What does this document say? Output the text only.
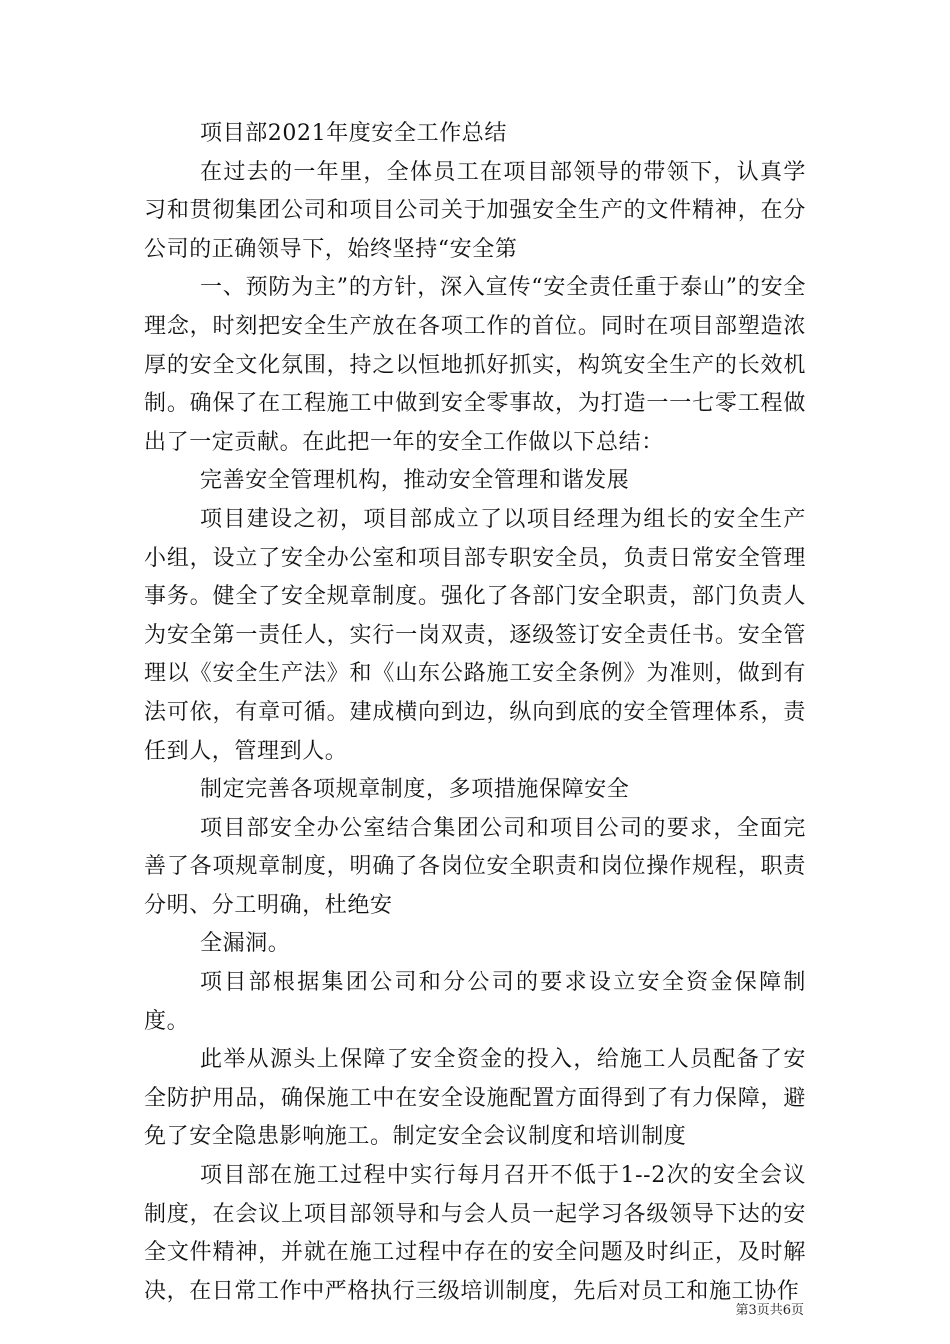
项目部2021年度安全工作总结

在过去的一年里，全体员工在项目部领导的带领下，认真学习和贯彻集团公司和项目公司关于加强安全生产的文件精神，在分公司的正确领导下，始终坚持“安全第

一、预防为主”的方针，深入宣传“安全责任重于泰山”的安全理念，时刻把安全生产放在各项工作的首位。同时在项目部塑造浓厚的安全文化氛围，持之以恒地抓好抓实，构筑安全生产的长效机制。确保了在工程施工中做到安全零事故，为打造一一七零工程做出了一定贡献。在此把一年的安全工作做以下总结：

完善安全管理机构，推动安全管理和谐发展

项目建设之初，项目部成立了以项目经理为组长的安全生产小组，设立了安全办公室和项目部专职安全员，负责日常安全管理事务。健全了安全规章制度。强化了各部门安全职责，部门负责人为安全第一责任人，实行一岗双责，逐级签订安全责任书。安全管理以《安全生产法》和《山东公路施工安全条例》为准则，做到有法可依，有章可循。建成横向到边，纵向到底的安全管理体系，责任到人，管理到人。

制定完善各项规章制度，多项措施保障安全

项目部安全办公室结合集团公司和项目公司的要求，全面完善了各项规章制度，明确了各岗位安全职责和岗位操作规程，职责分明、分工明确，杜绝安

全漏洞。

项目部根据集团公司和分公司的要求设立安全资金保障制度。

此举从源头上保障了安全资金的投入，给施工人员配备了安全防护用品，确保施工中在安全设施配置方面得到了有力保障，避免了安全隐患影响施工。制定安全会议制度和培训制度

项目部在施工过程中实行每月召开不低于1--2次的安全会议制度，在会议上项目部领导和与会人员一起学习各级领导下达的安全文件精神，并就在施工过程中存在的安全问题及时纠正，及时解决，在日常工作中严格执行三级培训制度，先后对员工和施工协作

第3页共6页
